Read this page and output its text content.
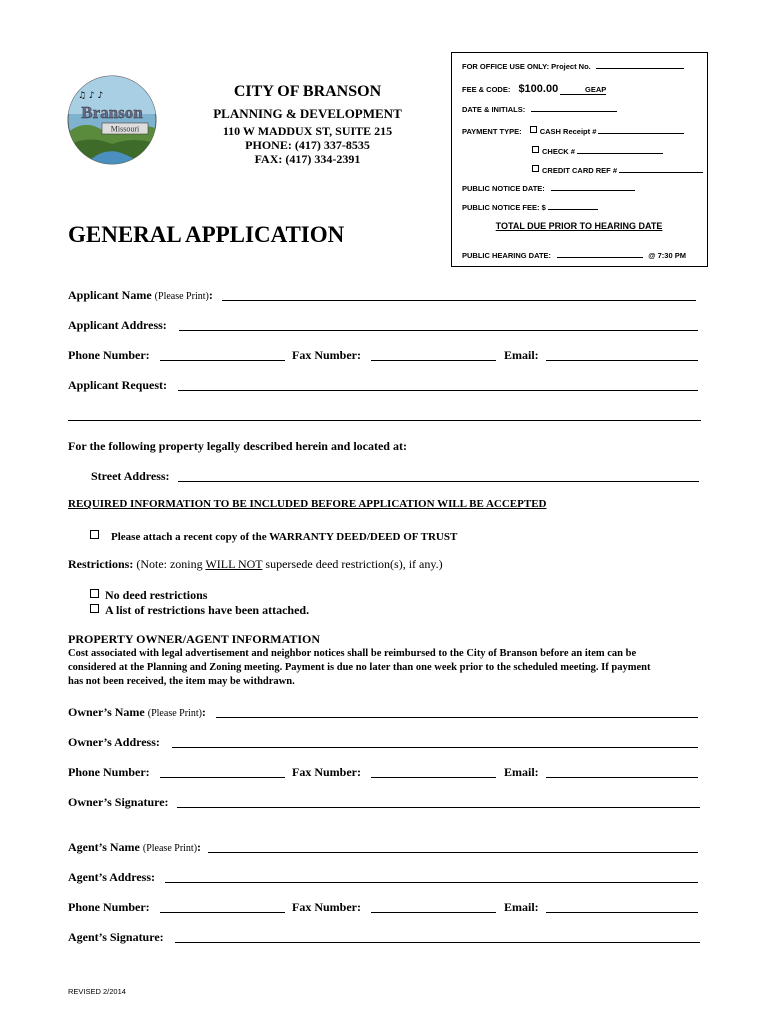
FOR OFFICE USE ONLY: Project No.
FEE & CODE: $100.00	GEAP
DATE & INITIALS:
PAYMENT TYPE: CASH Receipt #
CHECK #
CREDIT CARD REF #
PUBLIC NOTICE DATE:
PUBLIC NOTICE FEE: $
TOTAL DUE PRIOR TO HEARING DATE
PUBLIC HEARING DATE:	@ 7:30 PM
♫ ♪ ♪
Branson
Missouri
CITY OF BRANSON
PLANNING & DEVELOPMENT
110 W MADDUX ST, SUITE 215
PHONE: (417) 337-8535
FAX: (417) 334-2391
GENERAL APPLICATION
Applicant Name (Please Print):
Applicant Address:
Phone Number:	Fax Number:	Email:
Applicant Request:
For the following property legally described herein and located at:
Street Address:
REQUIRED INFORMATION TO BE INCLUDED BEFORE APPLICATION WILL BE ACCEPTED
Please attach a recent copy of the WARRANTY DEED/DEED OF TRUST
Restrictions: (Note: zoning WILL NOT supersede deed restriction(s), if any.)
No deed restrictions
A list of restrictions have been attached.
PROPERTY OWNER/AGENT INFORMATION
Cost associated with legal advertisement and neighbor notices shall be reimbursed to the City of Branson before an item can be
considered at the Planning and Zoning meeting. Payment is due no later than one week prior to the scheduled meeting. If payment
has not been received, the item may be withdrawn.
Owner’s Name (Please Print):
Owner’s Address:
Phone Number:	Fax Number:	Email:
Owner’s Signature:
Agent’s Name (Please Print):
Agent’s Address:
Phone Number:	Fax Number:	Email:
Agent’s Signature:
REVISED 2/2014
